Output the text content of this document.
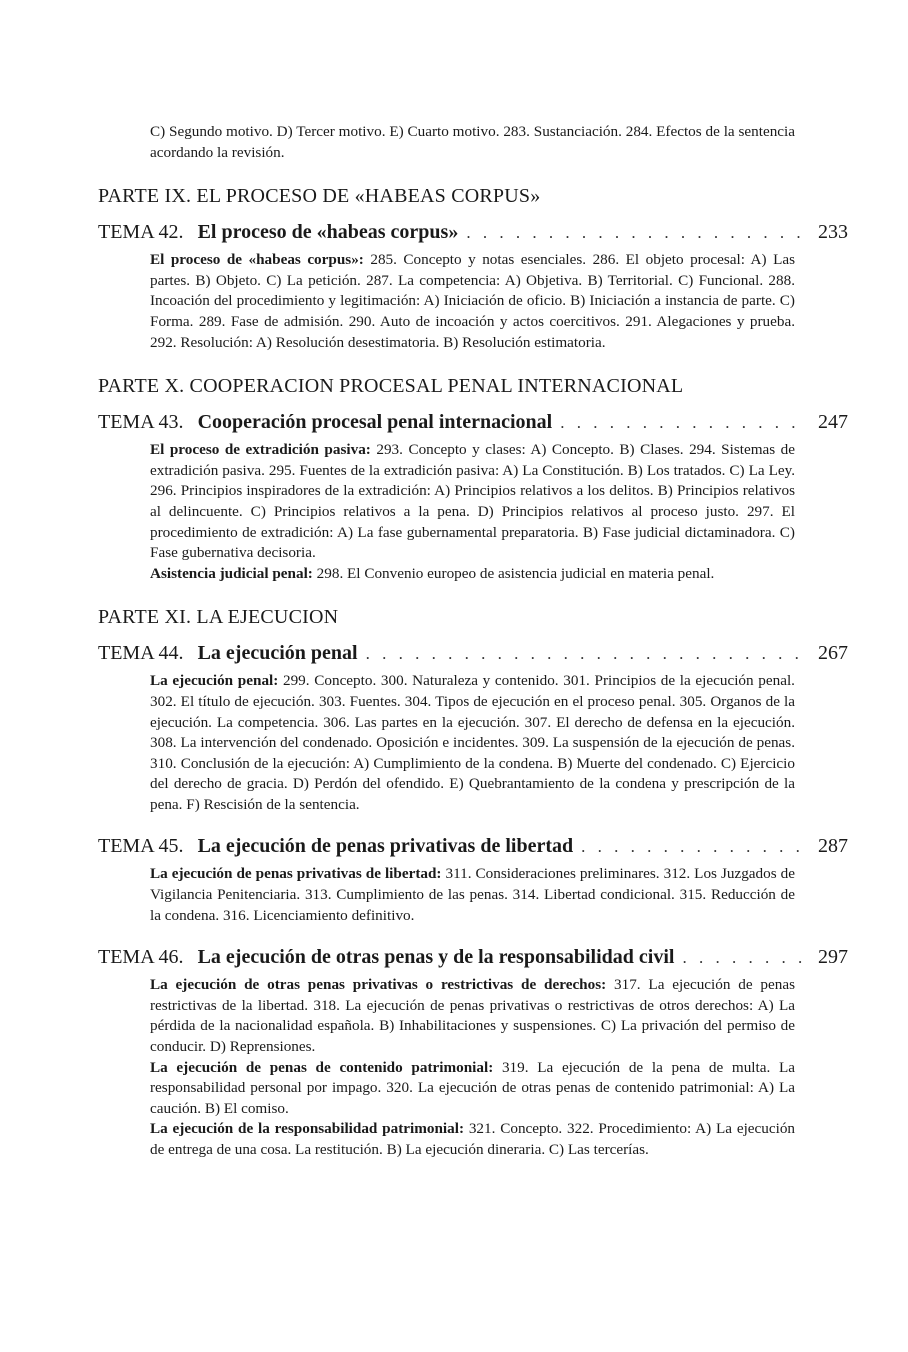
C) Segundo motivo. D) Tercer motivo. E) Cuarto motivo. 283. Sustanciación. 284. Efectos de la sentencia acordando la revisión.

PARTE IX. EL PROCESO DE «HABEAS CORPUS»
TEMA 42. El proceso de «habeas corpus» . . .	233

El proceso de «habeas corpus»: 285. Concepto y notas esenciales. 286. El objeto procesal: A) Las partes. B) Objeto. C) La petición. 287. La competencia: A) Objetiva. B) Territorial. C) Funcional. 288. Incoación del procedimiento y legitimación: A) Iniciación de oficio. B) Iniciación a instancia de parte. C) Forma. 289. Fase de admisión. 290. Auto de incoación y actos coercitivos. 291. Alegaciones y prueba. 292. Resolución: A) Resolución desestimatoria. B) Resolución estimatoria.

PARTE X. COOPERACION PROCESAL PENAL INTERNACIONAL
TEMA 43. Cooperación procesal penal internacional . . .	247

El proceso de extradición pasiva: 293. Concepto y clases: A) Concepto. B) Clases. 294. Sistemas de extradición pasiva. 295. Fuentes de la extradición pasiva: A) La Constitución. B) Los tratados. C) La Ley. 296. Principios inspiradores de la extradición: A) Principios relativos a los delitos. B) Principios relativos al delincuente. C) Principios relativos a la pena. D) Principios relativos al proceso justo. 297. El procedimiento de extradición: A) La fase gubernamental preparatoria. B) Fase judicial dictaminadora. C) Fase gubernativa decisoria.

Asistencia judicial penal: 298. El Convenio europeo de asistencia judicial en materia penal.

PARTE XI. LA EJECUCION
TEMA 44. La ejecución penal . . .	267

La ejecución penal: 299. Concepto. 300. Naturaleza y contenido. 301. Principios de la ejecución penal. 302. El título de ejecución. 303. Fuentes. 304. Tipos de ejecución en el proceso penal. 305. Organos de la ejecución. La competencia. 306. Las partes en la ejecución. 307. El derecho de defensa en la ejecución. 308. La intervención del condenado. Oposición e incidentes. 309. La suspensión de la ejecución de penas. 310. Conclusión de la ejecución: A) Cumplimiento de la condena. B) Muerte del condenado. C) Ejercicio del derecho de gracia. D) Perdón del ofendido. E) Quebrantamiento de la condena y prescripción de la pena. F) Rescisión de la sentencia.

TEMA 45. La ejecución de penas privativas de libertad . . .	287

La ejecución de penas privativas de libertad: 311. Consideraciones preliminares. 312. Los Juzgados de Vigilancia Penitenciaria. 313. Cumplimiento de las penas. 314. Libertad condicional. 315. Reducción de la condena. 316. Licenciamiento definitivo.

TEMA 46. La ejecución de otras penas y de la responsabilidad civil . . .	297

La ejecución de otras penas privativas o restrictivas de derechos: 317. La ejecución de penas restrictivas de la libertad. 318. La ejecución de penas privativas o restrictivas de otros derechos: A) La pérdida de la nacionalidad española. B) Inhabilitaciones y suspensiones. C) La privación del permiso de conducir. D) Reprensiones.

La ejecución de penas de contenido patrimonial: 319. La ejecución de la pena de multa. La responsabilidad personal por impago. 320. La ejecución de otras penas de contenido patrimonial: A) La caución. B) El comiso.

La ejecución de la responsabilidad patrimonial: 321. Concepto. 322. Procedimiento: A) La ejecución de entrega de una cosa. La restitución. B) La ejecución dineraria. C) Las tercerías.
